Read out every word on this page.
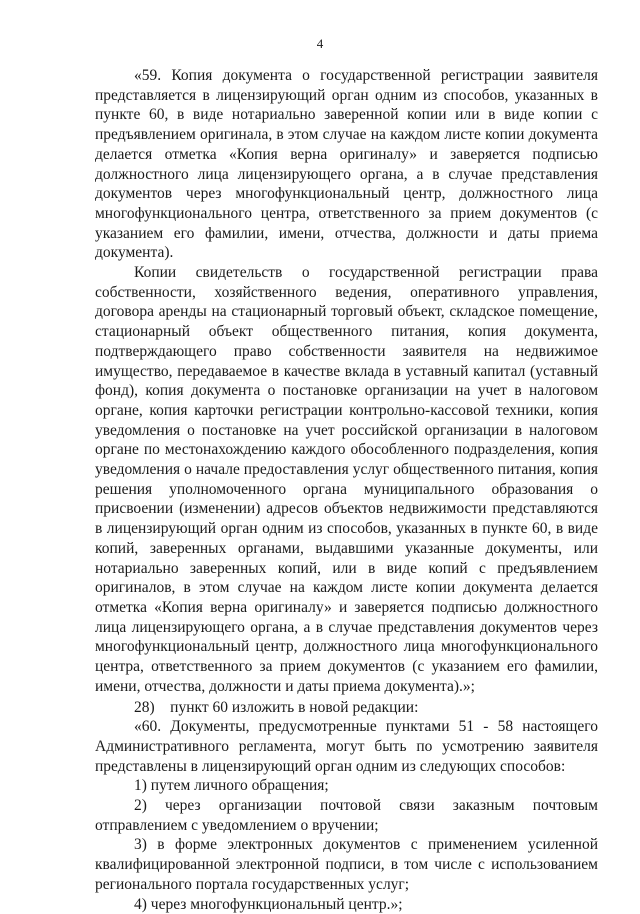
4

«59. Копия документа о государственной регистрации заявителя представляется в лицензирующий орган одним из способов, указанных в пункте 60, в виде нотариально заверенной копии или в виде копии с предъявлением оригинала, в этом случае на каждом листе копии документа делается отметка «Копия верна оригиналу» и заверяется подписью должностного лица лицензирующего органа, а в случае представления документов через многофункциональный центр, должностного лица многофункционального центра, ответственного за прием документов (с указанием его фамилии, имени, отчества, должности и даты приема документа).

Копии свидетельств о государственной регистрации права собственности, хозяйственного ведения, оперативного управления, договора аренды на стационарный торговый объект, складское помещение, стационарный объект общественного питания, копия документа, подтверждающего право собственности заявителя на недвижимое имущество, передаваемое в качестве вклада в уставный капитал (уставный фонд), копия документа о постановке организации на учет в налоговом органе, копия карточки регистрации контрольно-кассовой техники, копия уведомления о постановке на учет российской организации в налоговом органе по местонахождению каждого обособленного подразделения, копия уведомления о начале предоставления услуг общественного питания, копия решения уполномоченного органа муниципального образования о присвоении (изменении) адресов объектов недвижимости представляются в лицензирующий орган одним из способов, указанных в пункте 60, в виде копий, заверенных органами, выдавшими указанные документы, или нотариально заверенных копий, или в виде копий с предъявлением оригиналов, в этом случае на каждом листе копии документа делается отметка «Копия верна оригиналу» и заверяется подписью должностного лица лицензирующего органа, а в случае представления документов через многофункциональный центр, должностного лица многофункционального центра, ответственного за прием документов (с указанием его фамилии, имени, отчества, должности и даты приема документа).»;

28)    пункт 60 изложить в новой редакции:

«60. Документы, предусмотренные пунктами 51 - 58 настоящего Административного регламента, могут быть по усмотрению заявителя представлены в лицензирующий орган одним из следующих способов:

1) путем личного обращения;

2) через организации почтовой связи заказным почтовым отправлением с уведомлением о вручении;

3) в форме электронных документов с применением усиленной квалифицированной электронной подписи, в том числе с использованием регионального портала государственных услуг;

4) через многофункциональный центр.»;
